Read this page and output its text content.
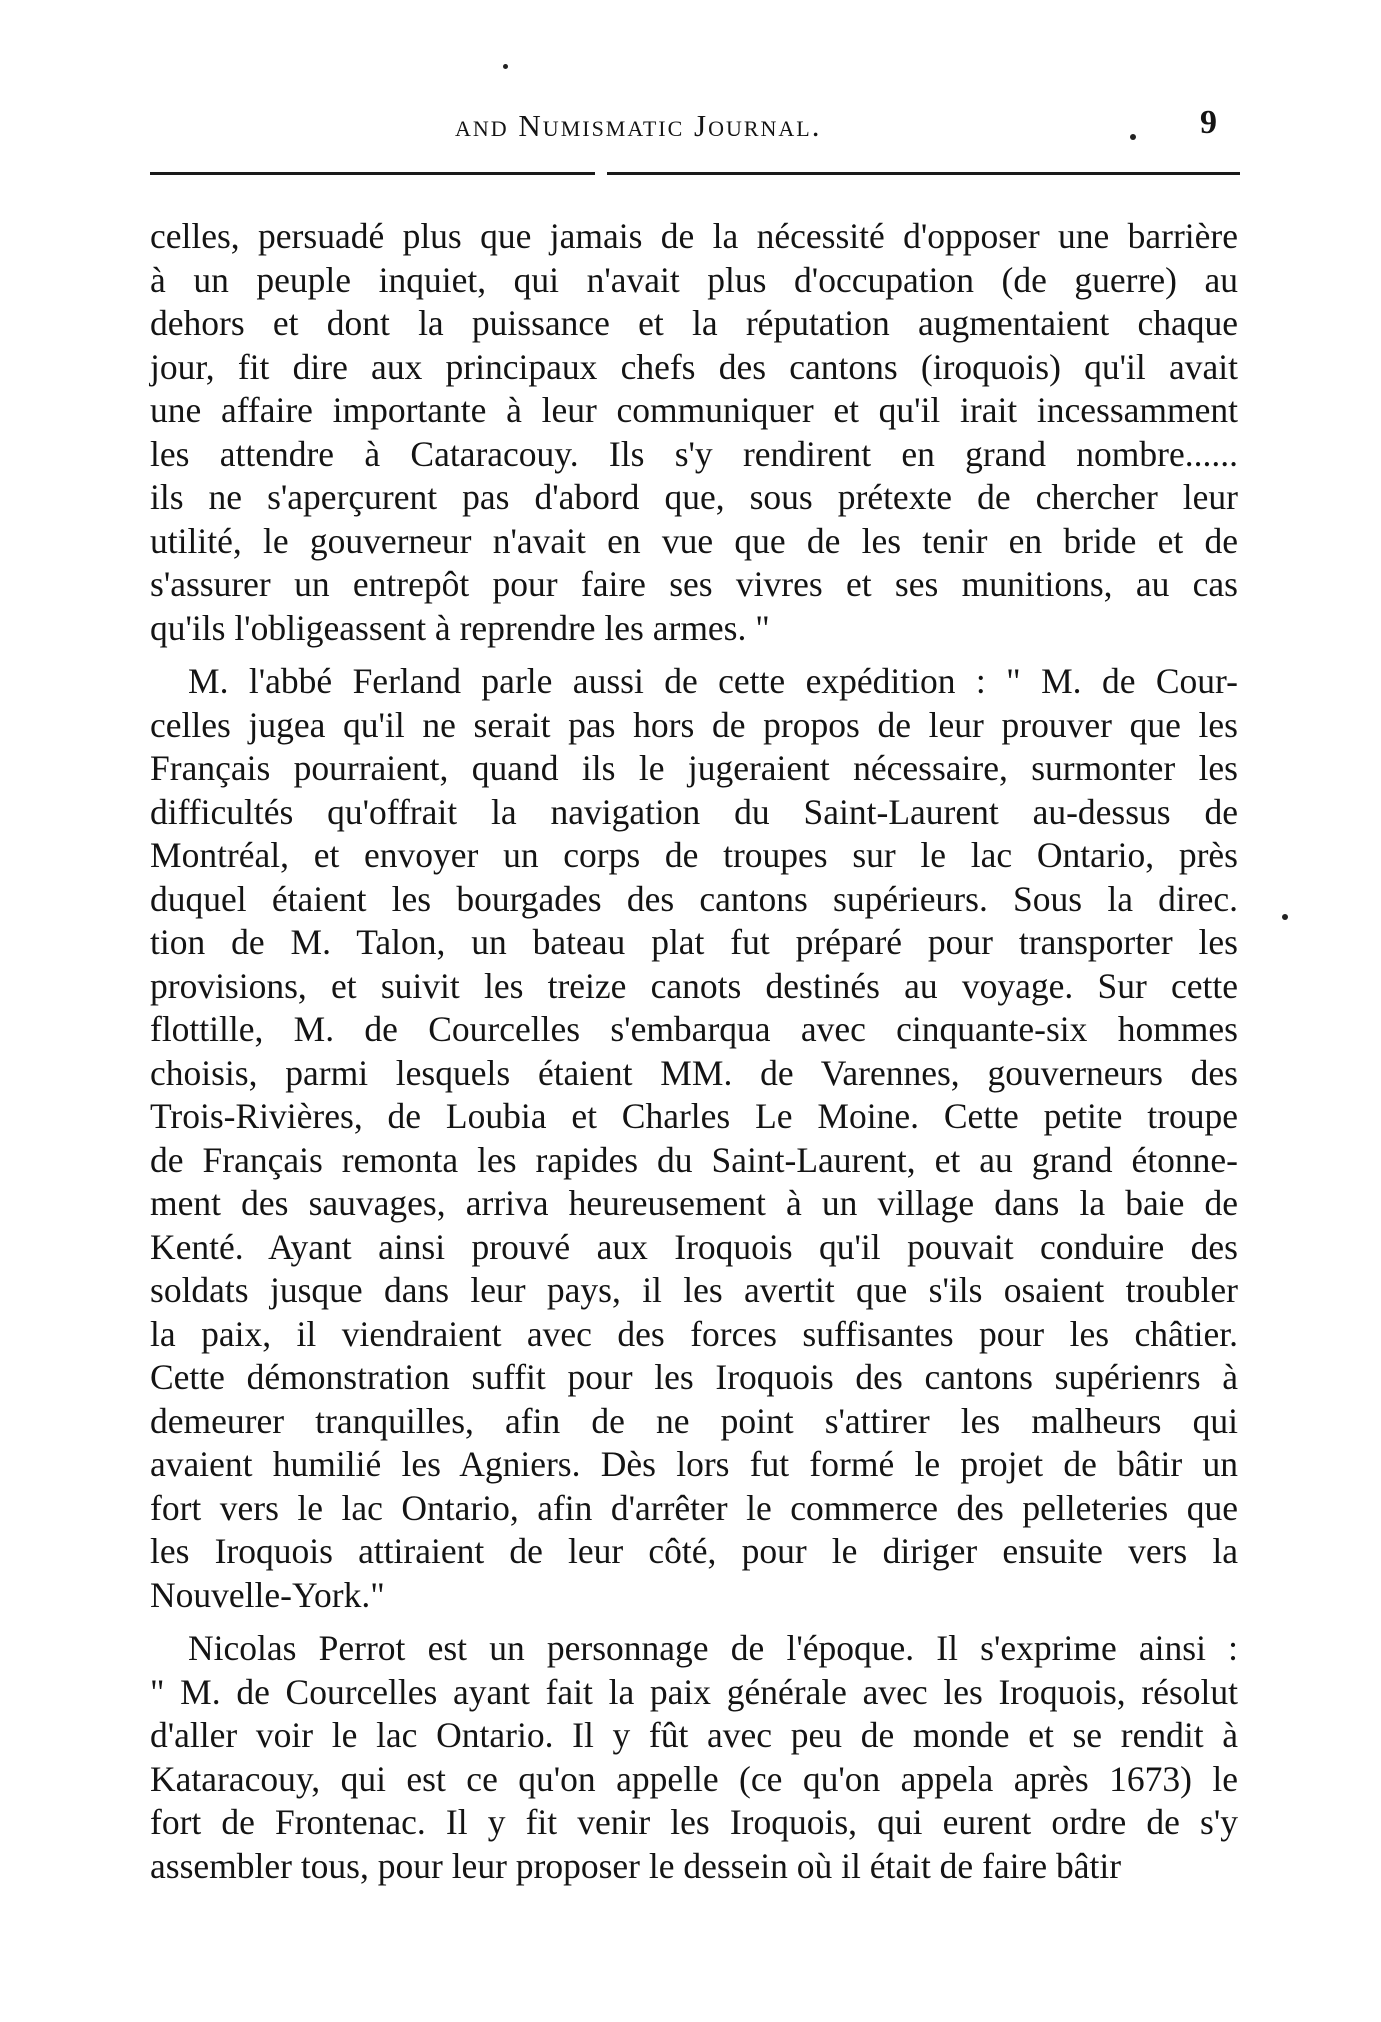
and Numismatic Journal.	9
celles, persuadé plus que jamais de la nécessité d'opposer une barrière
à un peuple inquiet, qui n'avait plus d'occupation (de guerre) au
dehors et dont la puissance et la réputation augmentaient chaque
jour, fit dire aux principaux chefs des cantons (iroquois) qu'il avait
une affaire importante à leur communiquer et qu'il irait incessamment
les attendre à Cataracouy. Ils s'y rendirent en grand nombre......
ils ne s'aperçurent pas d'abord que, sous prétexte de chercher leur
utilité, le gouverneur n'avait en vue que de les tenir en bride et de
s'assurer un entrepôt pour faire ses vivres et ses munitions, au cas
qu'ils l'obligeassent à reprendre les armes. "
M. l'abbé Ferland parle aussi de cette expédition : " M. de Cour-
celles jugea qu'il ne serait pas hors de propos de leur prouver que les
Français pourraient, quand ils le jugeraient nécessaire, surmonter les
difficultés qu'offrait la navigation du Saint-Laurent au-dessus de
Montréal, et envoyer un corps de troupes sur le lac Ontario, près
duquel étaient les bourgades des cantons supérieurs. Sous la direc.
tion de M. Talon, un bateau plat fut préparé pour transporter les
provisions, et suivit les treize canots destinés au voyage. Sur cette
flottille, M. de Courcelles s'embarqua avec cinquante-six hommes
choisis, parmi lesquels étaient MM. de Varennes, gouverneurs des
Trois-Rivières, de Loubia et Charles Le Moine. Cette petite troupe
de Français remonta les rapides du Saint-Laurent, et au grand étonne-
ment des sauvages, arriva heureusement à un village dans la baie de
Kenté. Ayant ainsi prouvé aux Iroquois qu'il pouvait conduire des
soldats jusque dans leur pays, il les avertit que s'ils osaient troubler
la paix, il viendraient avec des forces suffisantes pour les châtier.
Cette démonstration suffit pour les Iroquois des cantons supérienrs à
demeurer tranquilles, afin de ne point s'attirer les malheurs qui
avaient humilié les Agniers. Dès lors fut formé le projet de bâtir un
fort vers le lac Ontario, afin d'arrêter le commerce des pelleteries que
les Iroquois attiraient de leur côté, pour le diriger ensuite vers la
Nouvelle-York."
Nicolas Perrot est un personnage de l'époque. Il s'exprime ainsi :
" M. de Courcelles ayant fait la paix générale avec les Iroquois, résolut
d'aller voir le lac Ontario. Il y fût avec peu de monde et se rendit à
Kataracouy, qui est ce qu'on appelle (ce qu'on appela après 1673) le
fort de Frontenac. Il y fit venir les Iroquois, qui eurent ordre de s'y
assembler tous, pour leur proposer le dessein où il était de faire bâtir
